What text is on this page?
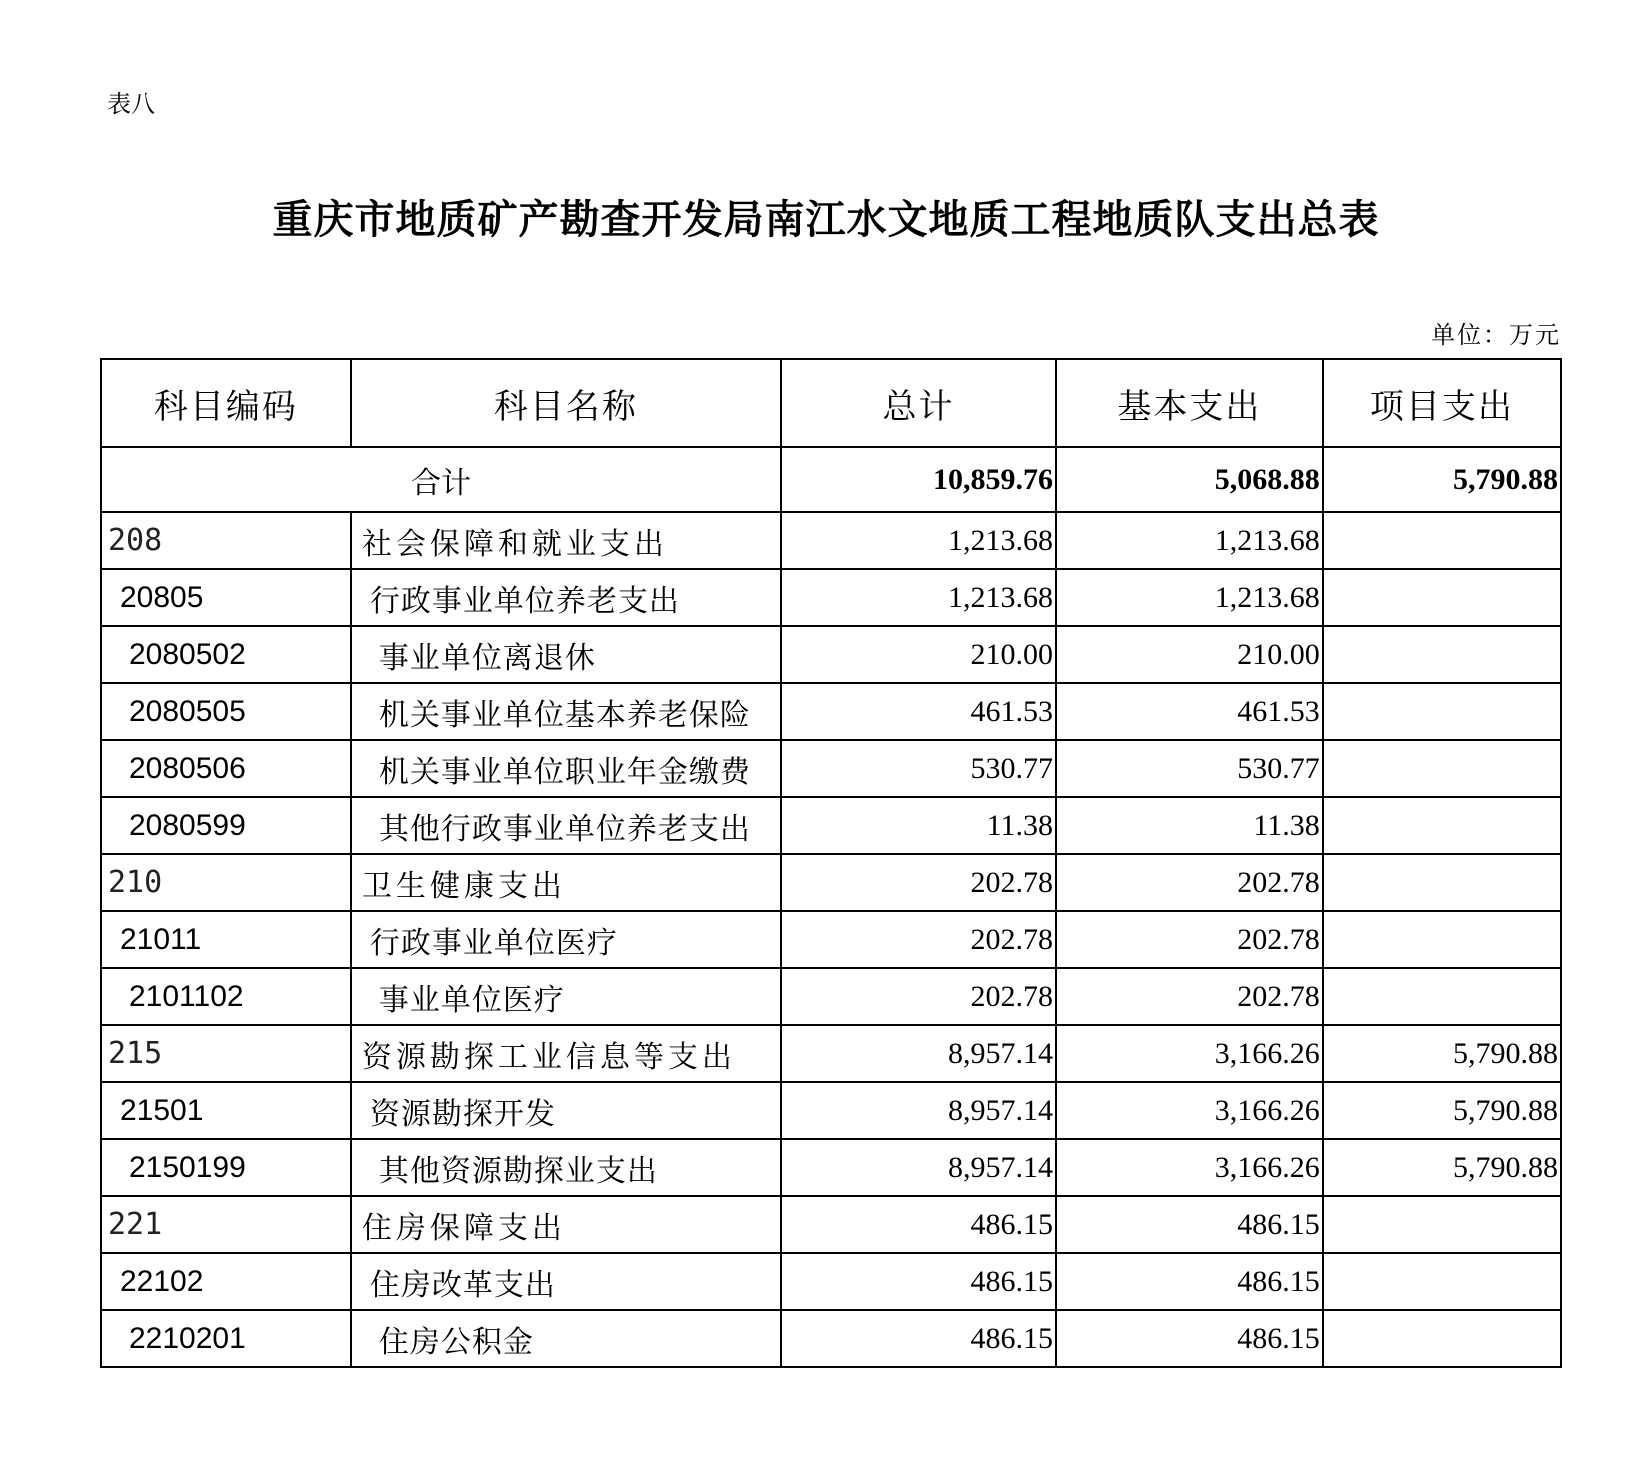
表八
重庆市地质矿产勘查开发局南江水文地质工程地质队支出总表
单位：万元
科目编码	科目名称	总计	基本支出	项目支出
合计		10,859.76	5,068.88	5,790.88
208	社会保障和就业支出	1,213.68	1,213.68	
20805	行政事业单位养老支出	1,213.68	1,213.68	
2080502	事业单位离退休	210.00	210.00	
2080505	机关事业单位基本养老保险	461.53	461.53	
2080506	机关事业单位职业年金缴费	530.77	530.77	
2080599	其他行政事业单位养老支出	11.38	11.38	
210	卫生健康支出	202.78	202.78	
21011	行政事业单位医疗	202.78	202.78	
2101102	事业单位医疗	202.78	202.78	
215	资源勘探工业信息等支出	8,957.14	3,166.26	5,790.88
21501	资源勘探开发	8,957.14	3,166.26	5,790.88
2150199	其他资源勘探业支出	8,957.14	3,166.26	5,790.88
221	住房保障支出	486.15	486.15	
22102	住房改革支出	486.15	486.15	
2210201	住房公积金	486.15	486.15	
